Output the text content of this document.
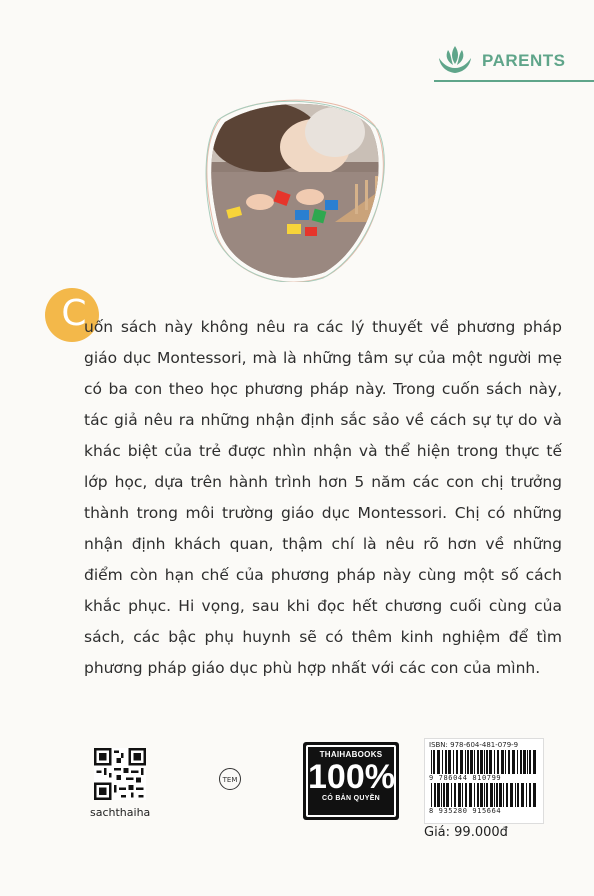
PARENTS
C
uốn sách này không nêu ra các lý thuyết về phương pháp giáo dục Montessori, mà là những tâm sự của một người mẹ có ba con theo học phương pháp này. Trong cuốn sách này, tác giả nêu ra những nhận định sắc sảo về cách sự tự do và khác biệt của trẻ được nhìn nhận và thể hiện trong thực tế lớp học, dựa trên hành trình hơn 5 năm các con chị trưởng thành trong môi trường giáo dục Montessori. Chị có những nhận định khách quan, thậm chí là nêu rõ hơn về những điểm còn hạn chế của phương pháp này cùng một số cách khắc phục. Hi vọng, sau khi đọc hết chương cuối cùng của sách, các bậc phụ huynh sẽ có thêm kinh nghiệm để tìm phương pháp giáo dục phù hợp nhất với các con của mình.
sachthaiha
TEM
THAIHABOOKS
100%
CÓ BẢN QUYỀN
ISBN: 978-604-481-079-9
9 786044 810799
8 935280 915664
Giá: 99.000đ
